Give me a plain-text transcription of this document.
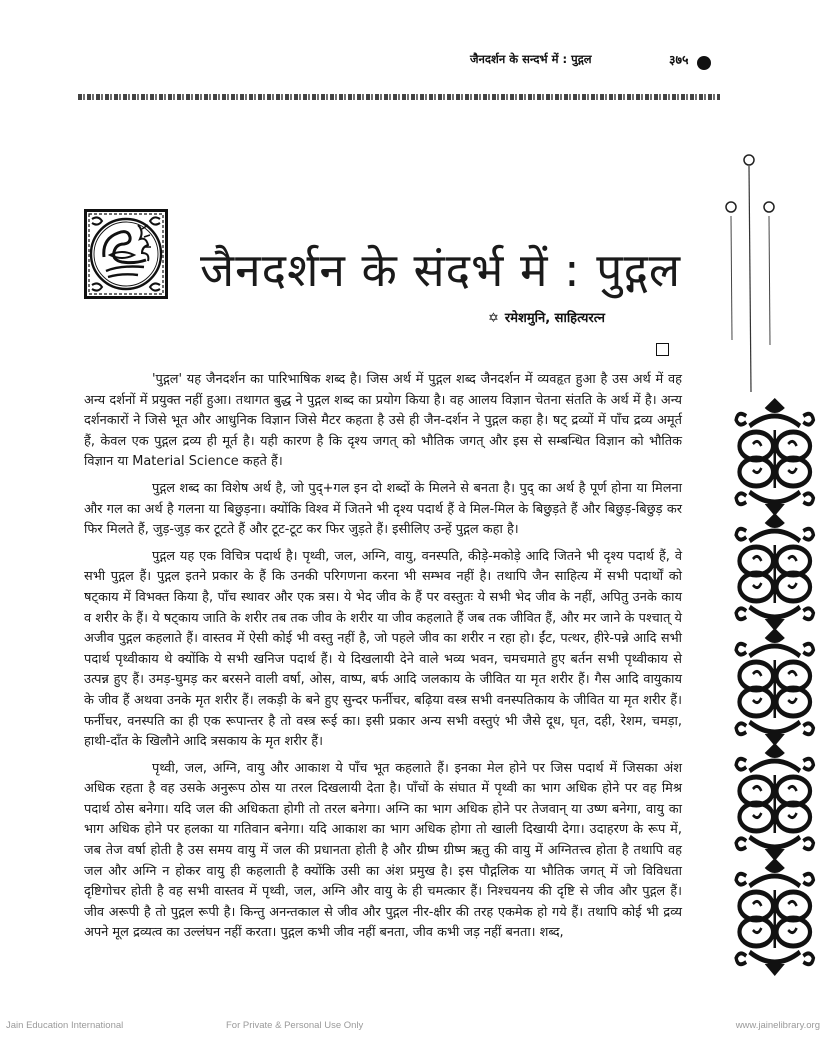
जैनदर्शन के सन्दर्भ में : पुद्गल	३७५
जैनदर्शन के संदर्भ में : पुद्गल
✡ रमेशमुनि, साहित्यरत्न

'पुद्गल' यह जैनदर्शन का पारिभाषिक शब्द है। जिस अर्थ में पुद्गल शब्द जैनदर्शन में व्यवहृत हुआ है उस अर्थ में वह अन्य दर्शनों में प्रयुक्त नहीं हुआ। तथागत बुद्ध ने पुद्गल शब्द का प्रयोग किया है। वह आलय विज्ञान चेतना संतति के अर्थ में है। अन्य दर्शनकारों ने जिसे भूत और आधुनिक विज्ञान जिसे मैटर कहता है उसे ही जैन-दर्शन ने पुद्गल कहा है। षट् द्रव्यों में पाँच द्रव्य अमूर्त हैं, केवल एक पुद्गल द्रव्य ही मूर्त है। यही कारण है कि दृश्य जगत् को भौतिक जगत् और इस से सम्बन्धित विज्ञान को भौतिक विज्ञान या Material Science कहते हैं।

पुद्गल शब्द का विशेष अर्थ है, जो पुद्+गल इन दो शब्दों के मिलने से बनता है। पुद् का अर्थ है पूर्ण होना या मिलना और गल का अर्थ है गलना या बिछुड़ना। क्योंकि विश्व में जितने भी दृश्य पदार्थ हैं वे मिल-मिल के बिछुड़ते हैं और बिछुड़-बिछुड़ कर फिर मिलते हैं, जुड़-जुड़ कर टूटते हैं और टूट-टूट कर फिर जुड़ते हैं। इसीलिए उन्हें पुद्गल कहा है।

पुद्गल यह एक विचित्र पदार्थ है। पृथ्वी, जल, अग्नि, वायु, वनस्पति, कीड़े-मकोड़े आदि जितने भी दृश्य पदार्थ हैं, वे सभी पुद्गल हैं। पुद्गल इतने प्रकार के हैं कि उनकी परिगणना करना भी सम्भव नहीं है। तथापि जैन साहित्य में सभी पदार्थों को षट्काय में विभक्त किया है, पाँच स्थावर और एक त्रस। ये भेद जीव के हैं पर वस्तुतः ये सभी भेद जीव के नहीं, अपितु उनके काय व शरीर के हैं। ये षट्काय जाति के शरीर तब तक जीव के शरीर या जीव कहलाते हैं जब तक जीवित हैं, और मर जाने के पश्चात् ये अजीव पुद्गल कहलाते हैं। वास्तव में ऐसी कोई भी वस्तु नहीं है, जो पहले जीव का शरीर न रहा हो। ईंट, पत्थर, हीरे-पन्ने आदि सभी पदार्थ पृथ्वीकाय थे क्योंकि ये सभी खनिज पदार्थ हैं। ये दिखलायी देने वाले भव्य भवन, चमचमाते हुए बर्तन सभी पृथ्वीकाय से उत्पन्न हुए हैं। उमड़-घुमड़ कर बरसने वाली वर्षा, ओस, वाष्प, बर्फ आदि जलकाय के जीवित या मृत शरीर हैं। गैस आदि वायुकाय के जीव हैं अथवा उनके मृत शरीर हैं। लकड़ी के बने हुए सुन्दर फर्नीचर, बढ़िया वस्त्र सभी वनस्पतिकाय के जीवित या मृत शरीर हैं। फर्नीचर, वनस्पति का ही एक रूपान्तर है तो वस्त्र रूई का। इसी प्रकार अन्य सभी वस्तुएं भी जैसे दूध, घृत, दही, रेशम, चमड़ा, हाथी-दाँत के खिलौने आदि त्रसकाय के मृत शरीर हैं।

पृथ्वी, जल, अग्नि, वायु और आकाश ये पाँच भूत कहलाते हैं। इनका मेल होने पर जिस पदार्थ में जिसका अंश अधिक रहता है वह उसके अनुरूप ठोस या तरल दिखलायी देता है। पाँचों के संघात में पृथ्वी का भाग अधिक होने पर वह मिश्र पदार्थ ठोस बनेगा। यदि जल की अधिकता होगी तो तरल बनेगा। अग्नि का भाग अधिक होने पर तेजवान् या उष्ण बनेगा, वायु का भाग अधिक होने पर हलका या गतिवान बनेगा। यदि आकाश का भाग अधिक होगा तो खाली दिखायी देगा। उदाहरण के रूप में, जब तेज वर्षा होती है उस समय वायु में जल की प्रधानता होती है और ग्रीष्म ग्रीष्म ऋतु की वायु में अग्नितत्त्व होता है तथापि वह जल और अग्नि न होकर वायु ही कहलाती है क्योंकि उसी का अंश प्रमुख है। इस पौद्गलिक या भौतिक जगत् में जो विविधता दृष्टिगोचर होती है वह सभी वास्तव में पृथ्वी, जल, अग्नि और वायु के ही चमत्कार हैं। निश्चयनय की दृष्टि से जीव और पुद्गल हैं। जीव अरूपी है तो पुद्गल रूपी है। किन्तु अनन्तकाल से जीव और पुद्गल नीर-क्षीर की तरह एकमेक हो गये हैं। तथापि कोई भी द्रव्य अपने मूल द्रव्यत्व का उल्लंघन नहीं करता। पुद्गल कभी जीव नहीं बनता, जीव कभी जड़ नहीं बनता। शब्द,

Jain Education International	For Private & Personal Use Only	www.jainelibrary.org
